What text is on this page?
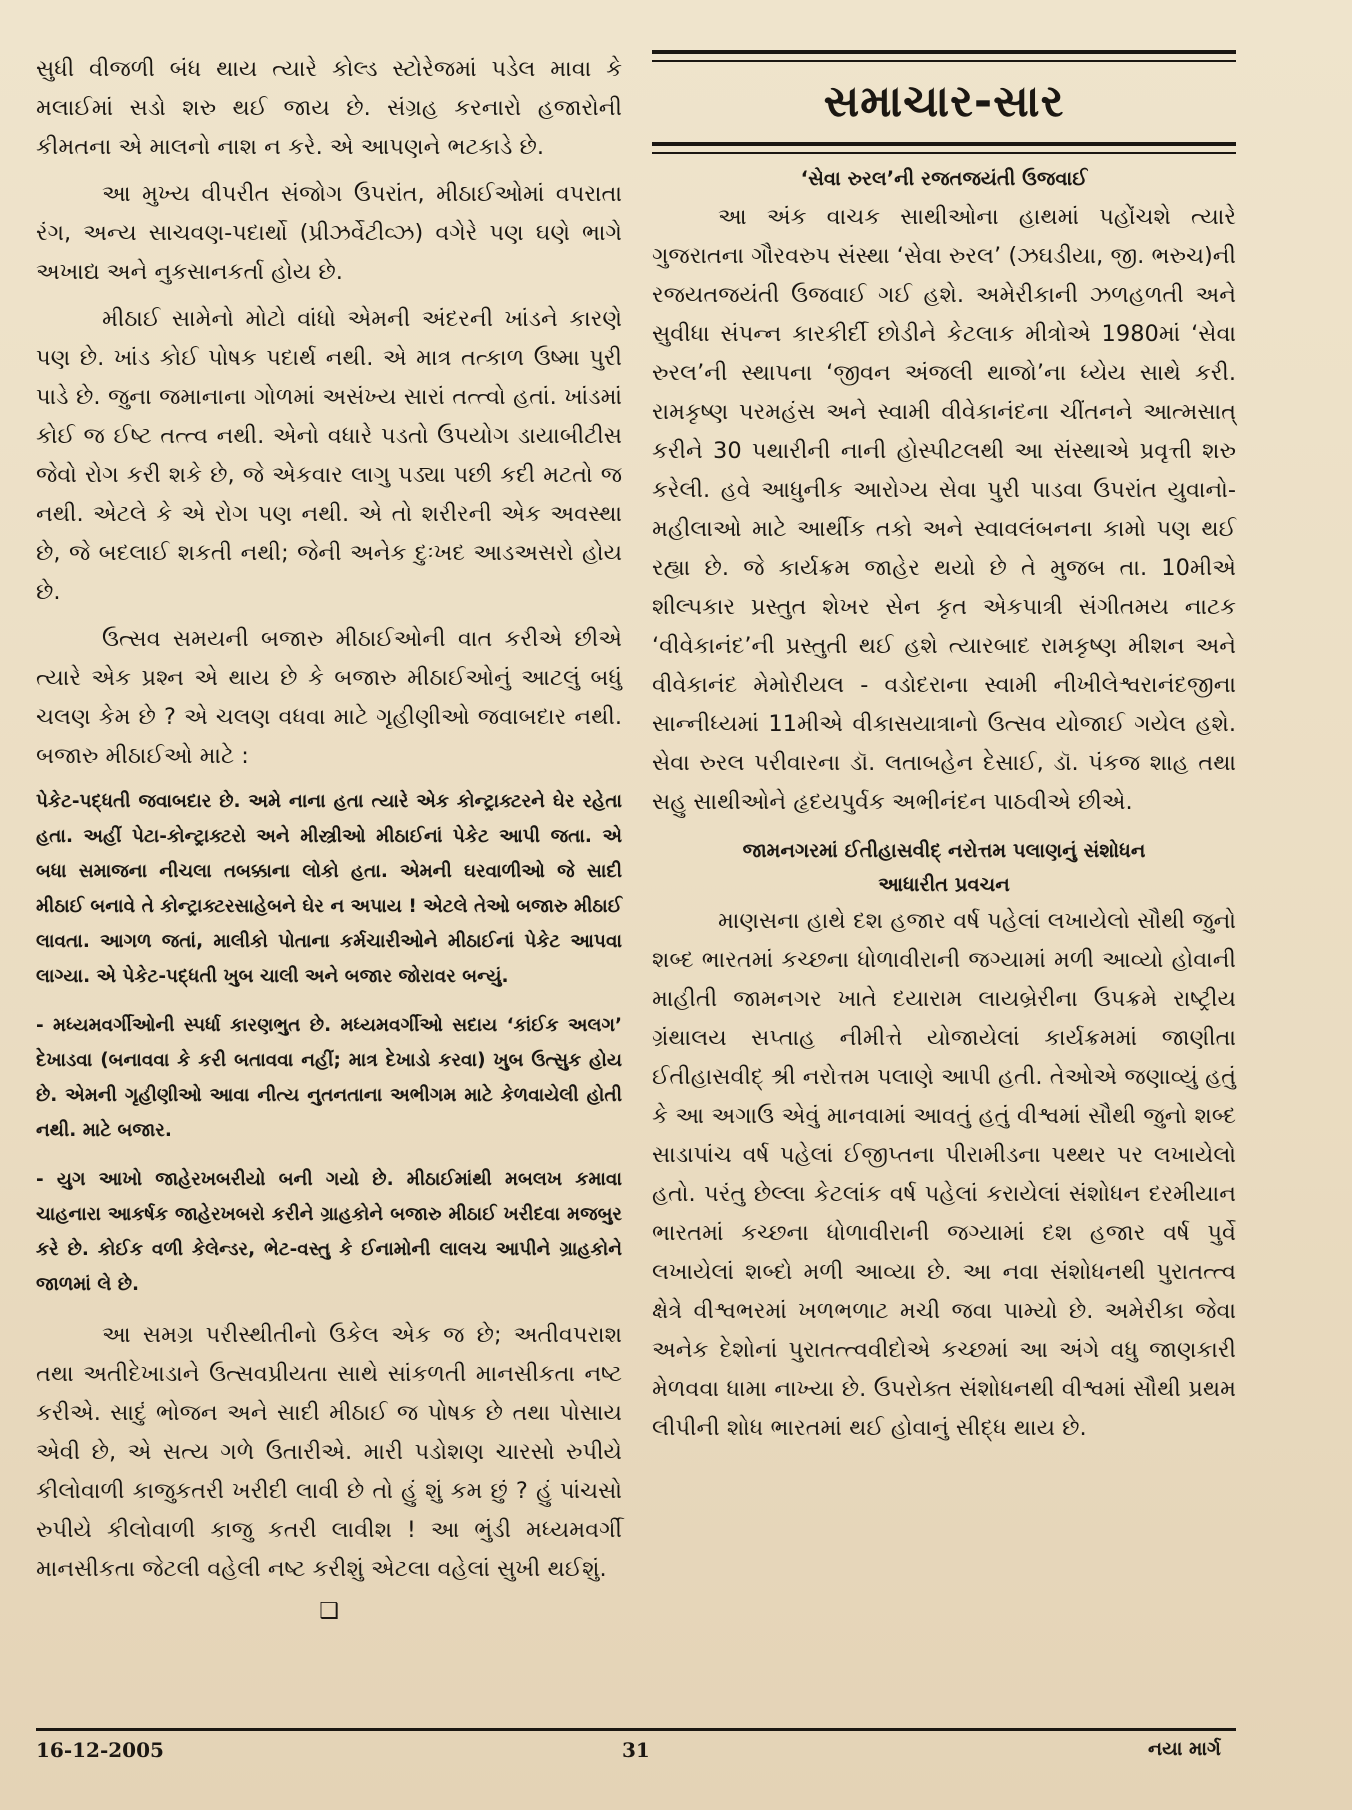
સુધી વીજળી બંધ થાય ત્યારે કોલ્ડ સ્ટોરેજમાં પડેલ માવા કે મલાઈમાં સડો શરુ થઈ જાય છે. સંગ્રહ કરનારો હજારોની કીમતના એ માલનો નાશ ન કરે. એ આપણને ભટકાડે છે.

આ મુખ્ય વીપરીત સંજોગ ઉપરાંત, મીઠાઈઓમાં વપરાતા રંગ, અન્ય સાચવણ-પદાર્થો (પ્રીઝર્વેટીવ્ઝ) વગેરે પણ ઘણે ભાગે અખાદ્ય અને નુકસાનકર્તા હોય છે.

મીઠાઈ સામેનો મોટો વાંધો એમની અંદરની ખાંડને કારણે પણ છે. ખાંડ કોઈ પોષક પદાર્થ નથી. એ માત્ર તત્કાળ ઉષ્મા પુરી પાડે છે. જુના જમાનાના ગોળમાં અસંખ્ય સારાં તત્ત્વો હતાં. ખાંડમાં કોઈ જ ઈષ્ટ તત્ત્વ નથી. એનો વધારે પડતો ઉપયોગ ડાયાબીટીસ જેવો રોગ કરી શકે છે, જે એકવાર લાગુ પડ્યા પછી કદી મટતો જ નથી. એટલે કે એ રોગ પણ નથી. એ તો શરીરની એક અવસ્થા છે, જે બદલાઈ શકતી નથી; જેની અનેક દુઃખદ આડઅસરો હોય છે.

ઉત્સવ સમયની બજારુ મીઠાઈઓની વાત કરીએ છીએ ત્યારે એક પ્રશ્ન એ થાય છે કે બજારુ મીઠાઈઓનું આટલું બધું ચલણ કેમ છે ? એ ચલણ વધવા માટે ગૃહીણીઓ જવાબદાર નથી. બજારુ મીઠાઈઓ માટે :

પેકેટ-પદ્ધતી જવાબદાર છે. અમે નાના હતા ત્યારે એક કોન્ટ્રાક્ટરને ઘેર રહેતા હતા. અહીં પેટા-કોન્ટ્રાક્ટરો અને મીસ્ત્રીઓ મીઠાઈનાં પેકેટ આપી જતા. એ બધા સમાજના નીચલા તબક્કાના લોકો હતા. એમની ઘરવાળીઓ જે સાદી મીઠાઈ બનાવે તે કોન્ટ્રાક્ટરસાહેબને ઘેર ન અપાય ! એટલે તેઓ બજારુ મીઠાઈ લાવતા. આગળ જતાં, માલીકો પોતાના કર્મચારીઓને મીઠાઈનાં પેકેટ આપવા લાગ્યા. એ પેકેટ-પદ્ધતી ખુબ ચાલી અને બજાર જોરાવર બન્યું.

- મધ્યમવર્ગીઓની સ્પર્ધા કારણભુત છે. મધ્યમવર્ગીઓ સદાય ‘કાંઈક અલગ’ દેખાડવા (બનાવવા કે કરી બતાવવા નહીં; માત્ર દેખાડો કરવા) ખુબ ઉત્સુક હોય છે. એમની ગૃહીણીઓ આવા નીત્ય નુતનતાના અભીગમ માટે કેળવાયેલી હોતી નથી. માટે બજાર.

- યુગ આખો જાહેરખબરીયો બની ગયો છે. મીઠાઈમાંથી મબલખ કમાવા ચાહનારા આકર્ષક જાહેરખબરો કરીને ગ્રાહકોને બજારુ મીઠાઈ ખરીદવા મજબુર કરે છે. કોઈક વળી કેલેન્ડર, ભેટ-વસ્તુ કે ઈનામોની લાલચ આપીને ગ્રાહકોને જાળમાં લે છે.

આ સમગ્ર પરીસ્થીતીનો ઉકેલ એક જ છે; અતીવપરાશ તથા અતીદેખાડાને ઉત્સવપ્રીયતા સાથે સાંકળતી માનસીકતા નષ્ટ કરીએ. સાદું ભોજન અને સાદી મીઠાઈ જ પોષક છે તથા પોસાય એવી છે, એ સત્ય ગળે ઉતારીએ. મારી પડોશણ ચારસો રુપીયે કીલોવાળી કાજુકતરી ખરીદી લાવી છે તો હું શું કમ છું ? હું પાંચસો રુપીયે કીલોવાળી કાજુ કતરી લાવીશ ! આ ભુંડી મધ્યમવર્ગી માનસીકતા જેટલી વહેલી નષ્ટ કરીશું એટલા વહેલાં સુખી થઈશું.

❑
સમાચાર-સાર
‘સેવા રુરલ’ની રજતજયંતી ઉજવાઈ

આ અંક વાચક સાથીઓના હાથમાં પહોંચશે ત્યારે ગુજરાતના ગૌરવરુપ સંસ્થા ‘સેવા રુરલ’ (ઝઘડીયા, જી. ભરુચ)ની રજયતજયંતી ઉજવાઈ ગઈ હશે. અમેરીકાની ઝળહળતી અને સુવીધા સંપન્ન કારકીર્દી છોડીને કેટલાક મીત્રોએ 1980માં ‘સેવા રુરલ’ની સ્થાપના ‘જીવન અંજલી થાજો’ના ધ્યેય સાથે કરી. રામકૃષ્ણ પરમહંસ અને સ્વામી વીવેકાનંદના ચીંતનને આત્મસાત્ કરીને 30 પથારીની નાની હોસ્પીટલથી આ સંસ્થાએ પ્રવૃત્તી શરુ કરેલી. હવે આધુનીક આરોગ્ય સેવા પુરી પાડવા ઉપરાંત યુવાનો-મહીલાઓ માટે આર્થીક તકો અને સ્વાવલંબનના કામો પણ થઈ રહ્યા છે. જે કાર્યક્રમ જાહેર થયો છે તે મુજબ તા. 10મીએ શીલ્પકાર પ્રસ્તુત શેખર સેન કૃત એકપાત્રી સંગીતમય નાટક ‘વીવેકાનંદ’ની પ્રસ્તુતી થઈ હશે ત્યારબાદ રામકૃષ્ણ મીશન અને વીવેકાનંદ મેમોરીયલ - વડોદરાના સ્વામી નીખીલેશ્વરાનંદજીના સાન્નીધ્યમાં 11મીએ વીકાસયાત્રાનો ઉત્સવ યોજાઈ ગયેલ હશે. સેવા રુરલ પરીવારના ડૉ. લતાબહેન દેસાઈ, ડૉ. પંકજ શાહ તથા સહુ સાથીઓને હૃદયપુર્વક અભીનંદન પાઠવીએ છીએ.

જામનગરમાં ઈતીહાસવીદ્ નરોત્તમ પલાણનું સંશોધન
આધારીત પ્રવચન

માણસના હાથે દશ હજાર વર્ષ પહેલાં લખાયેલો સૌથી જુનો શબ્દ ભારતમાં કચ્છના ધોળાવીરાની જગ્યામાં મળી આવ્યો હોવાની માહીતી જામનગર ખાતે દયારામ લાયબ્રેરીના ઉપક્રમે રાષ્ટ્રીય ગ્રંથાલય સપ્તાહ નીમીત્તે યોજાયેલાં કાર્યક્રમમાં જાણીતા ઈતીહાસવીદ્ શ્રી નરોત્તમ પલાણે આપી હતી. તેઓએ જણાવ્યું હતું કે આ અગાઉ એવું માનવામાં આવતું હતું વીશ્વમાં સૌથી જુનો શબ્દ સાડાપાંચ વર્ષ પહેલાં ઈજીપ્તના પીરામીડના પથ્થર પર લખાયેલો હતો. પરંતુ છેલ્લા કેટલાંક વર્ષ પહેલાં કરાયેલાં સંશોધન દરમીયાન ભારતમાં કચ્છના ધોળાવીરાની જગ્યામાં દશ હજાર વર્ષ પુર્વે લખાયેલાં શબ્દો મળી આવ્યા છે. આ નવા સંશોધનથી પુરાતત્ત્વ ક્ષેત્રે વીશ્વભરમાં ખળભળાટ મચી જવા પામ્યો છે. અમેરીકા જેવા અનેક દેશોનાં પુરાતત્ત્વવીદોએ કચ્છમાં આ અંગે વધુ જાણકારી મેળવવા ધામા નાખ્યા છે. ઉપરોક્ત સંશોધનથી વીશ્વમાં સૌથી પ્રથમ લીપીની શોધ ભારતમાં થઈ હોવાનું સીદ્ધ થાય છે.

16-12-2005	31	નયા માર્ગ
